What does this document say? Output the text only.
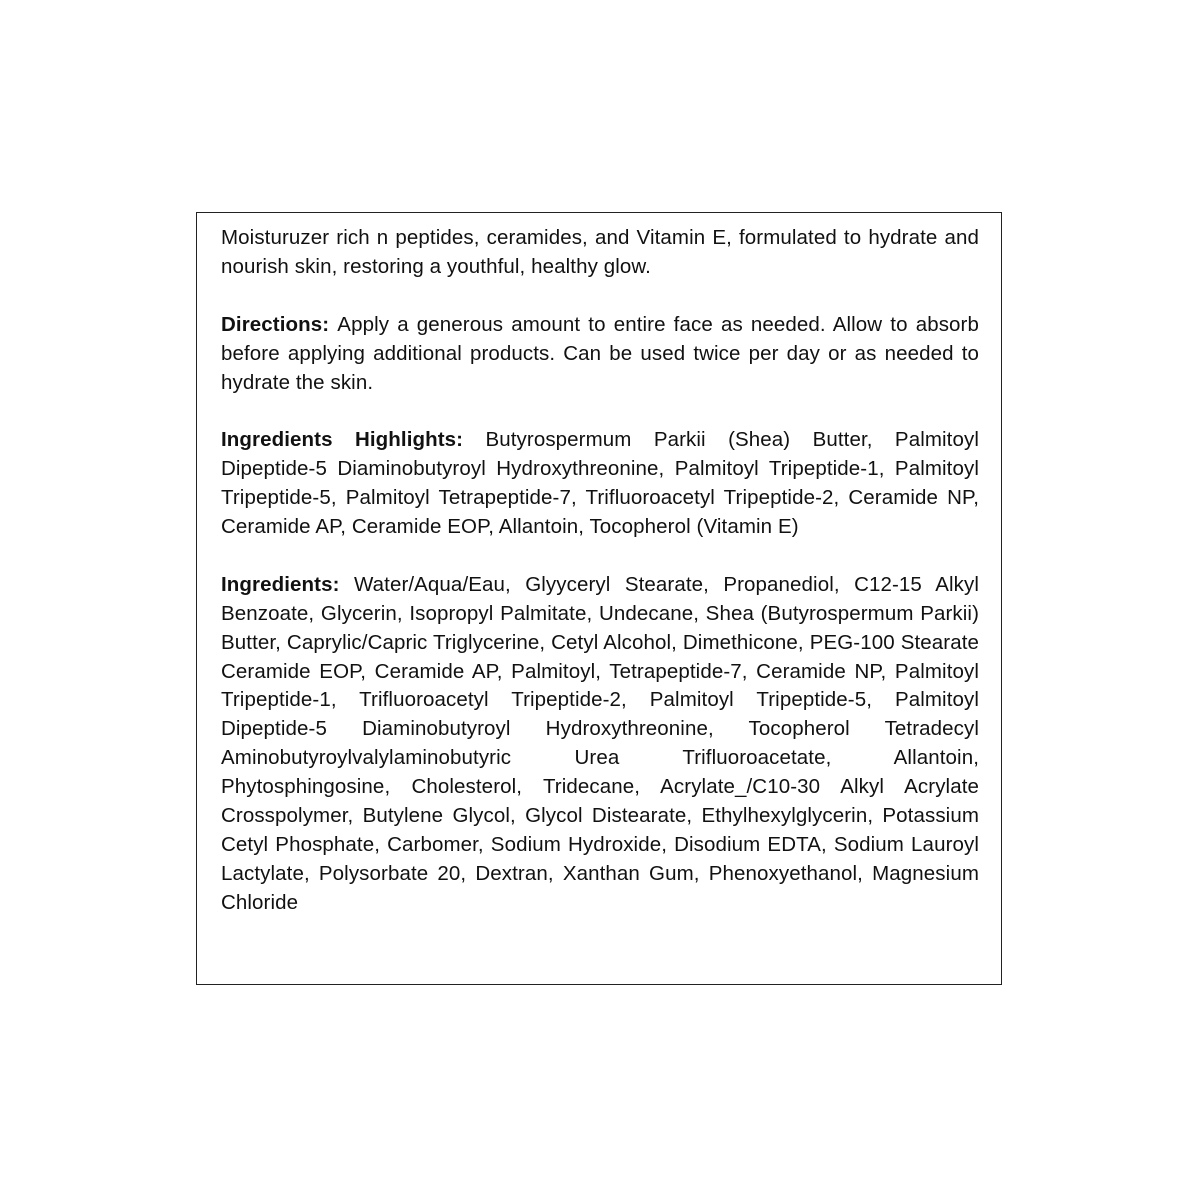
Moisturuzer rich n peptides, ceramides, and Vitamin E, formulated to hydrate and nourish skin, restoring a youthful, healthy glow.

Directions: Apply a generous amount to entire face as needed. Allow to absorb before applying additional products. Can be used twice per day or as needed to hydrate the skin.

Ingredients Highlights: Butyrospermum Parkii (Shea) Butter, Palmitoyl Dipeptide-5 Diaminobutyroyl Hydroxythreonine, Palmitoyl Tripeptide-1, Palmitoyl Tripeptide-5, Palmitoyl Tetrapeptide-7, Trifluoroacetyl Tripeptide-2, Ceramide NP, Ceramide AP, Ceramide EOP, Allantoin, Tocopherol (Vitamin E)

Ingredients: Water/Aqua/Eau, Glyyceryl Stearate, Propanediol, C12-15 Alkyl Benzoate, Glycerin, Isopropyl Palmitate, Undecane, Shea (Butyrospermum Parkii) Butter, Caprylic/Capric Triglycerine, Cetyl Alcohol, Dimethicone, PEG-100 Stearate Ceramide EOP, Ceramide AP, Palmitoyl, Tetrapeptide-7, Ceramide NP, Palmitoyl Tripeptide-1, Trifluoroacetyl Tripeptide-2, Palmitoyl Tripeptide-5, Palmitoyl Dipeptide-5 Diaminobutyroyl Hydroxythreonine, Tocopherol Tetradecyl Aminobutyroylvalylaminobutyric Urea Trifluoroacetate, Allantoin, Phytosphingosine, Cholesterol, Tridecane, Acrylate_/C10-30 Alkyl Acrylate Crosspolymer, Butylene Glycol, Glycol Distearate, Ethylhexylglycerin, Potassium Cetyl Phosphate, Carbomer, Sodium Hydroxide, Disodium EDTA, Sodium Lauroyl Lactylate, Polysorbate 20, Dextran, Xanthan Gum, Phenoxyethanol, Magnesium Chloride
